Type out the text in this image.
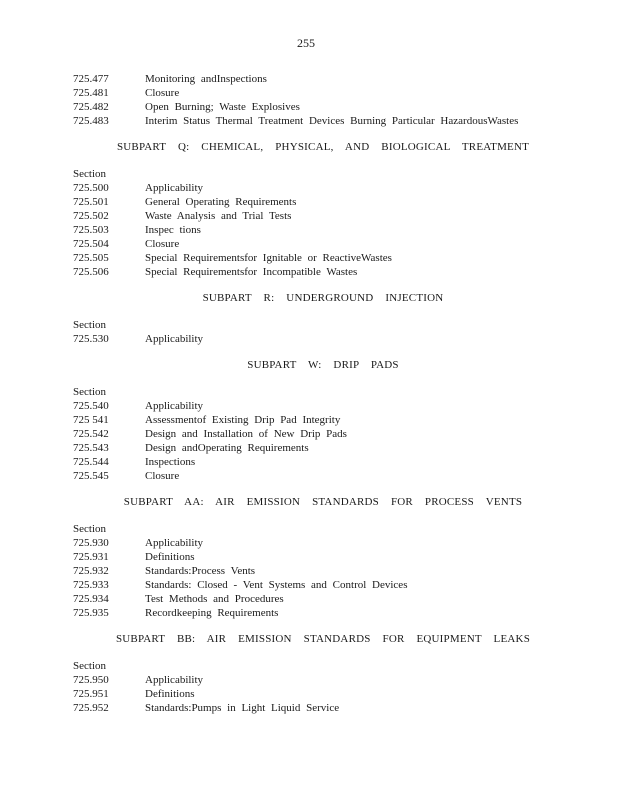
255
725.477	Monitoring andInspections
725.481	Closure
725.482	Open Burning; Waste Explosives
725.483	Interim Status Thermal Treatment Devices Burning Particular HazardousWastes
SUBPART Q: CHEMICAL, PHYSICAL, AND BIOLOGICAL TREATMENT
Section
725.500	Applicability
725.501	General Operating Requirements
725.502	Waste Analysis and Trial Tests
725.503	Inspec tions
725.504	Closure
725.505	Special Requirementsfor Ignitable or ReactiveWastes
725.506	Special Requirementsfor Incompatible Wastes
SUBPART R: UNDERGROUND INJECTION
Section
725.530	Applicability
SUBPART W: DRIP PADS
Section
725.540	Applicability
725 541	Assessmentof Existing Drip Pad Integrity
725.542	Design and Installation of New Drip Pads
725.543	Design andOperating Requirements
725.544	Inspections
725.545	Closure
SUBPART AA: AIR EMISSION STANDARDS FOR PROCESS VENTS
Section
725.930	Applicability
725.931	Definitions
725.932	Standards:Process Vents
725.933	Standards: Closed - Vent Systems and Control Devices
725.934	Test Methods and Procedures
725.935	Recordkeeping Requirements
SUBPART BB: AIR EMISSION STANDARDS FOR EQUIPMENT LEAKS
Section
725.950	Applicability
725.951	Definitions
725.952	Standards:Pumps in Light Liquid Service
